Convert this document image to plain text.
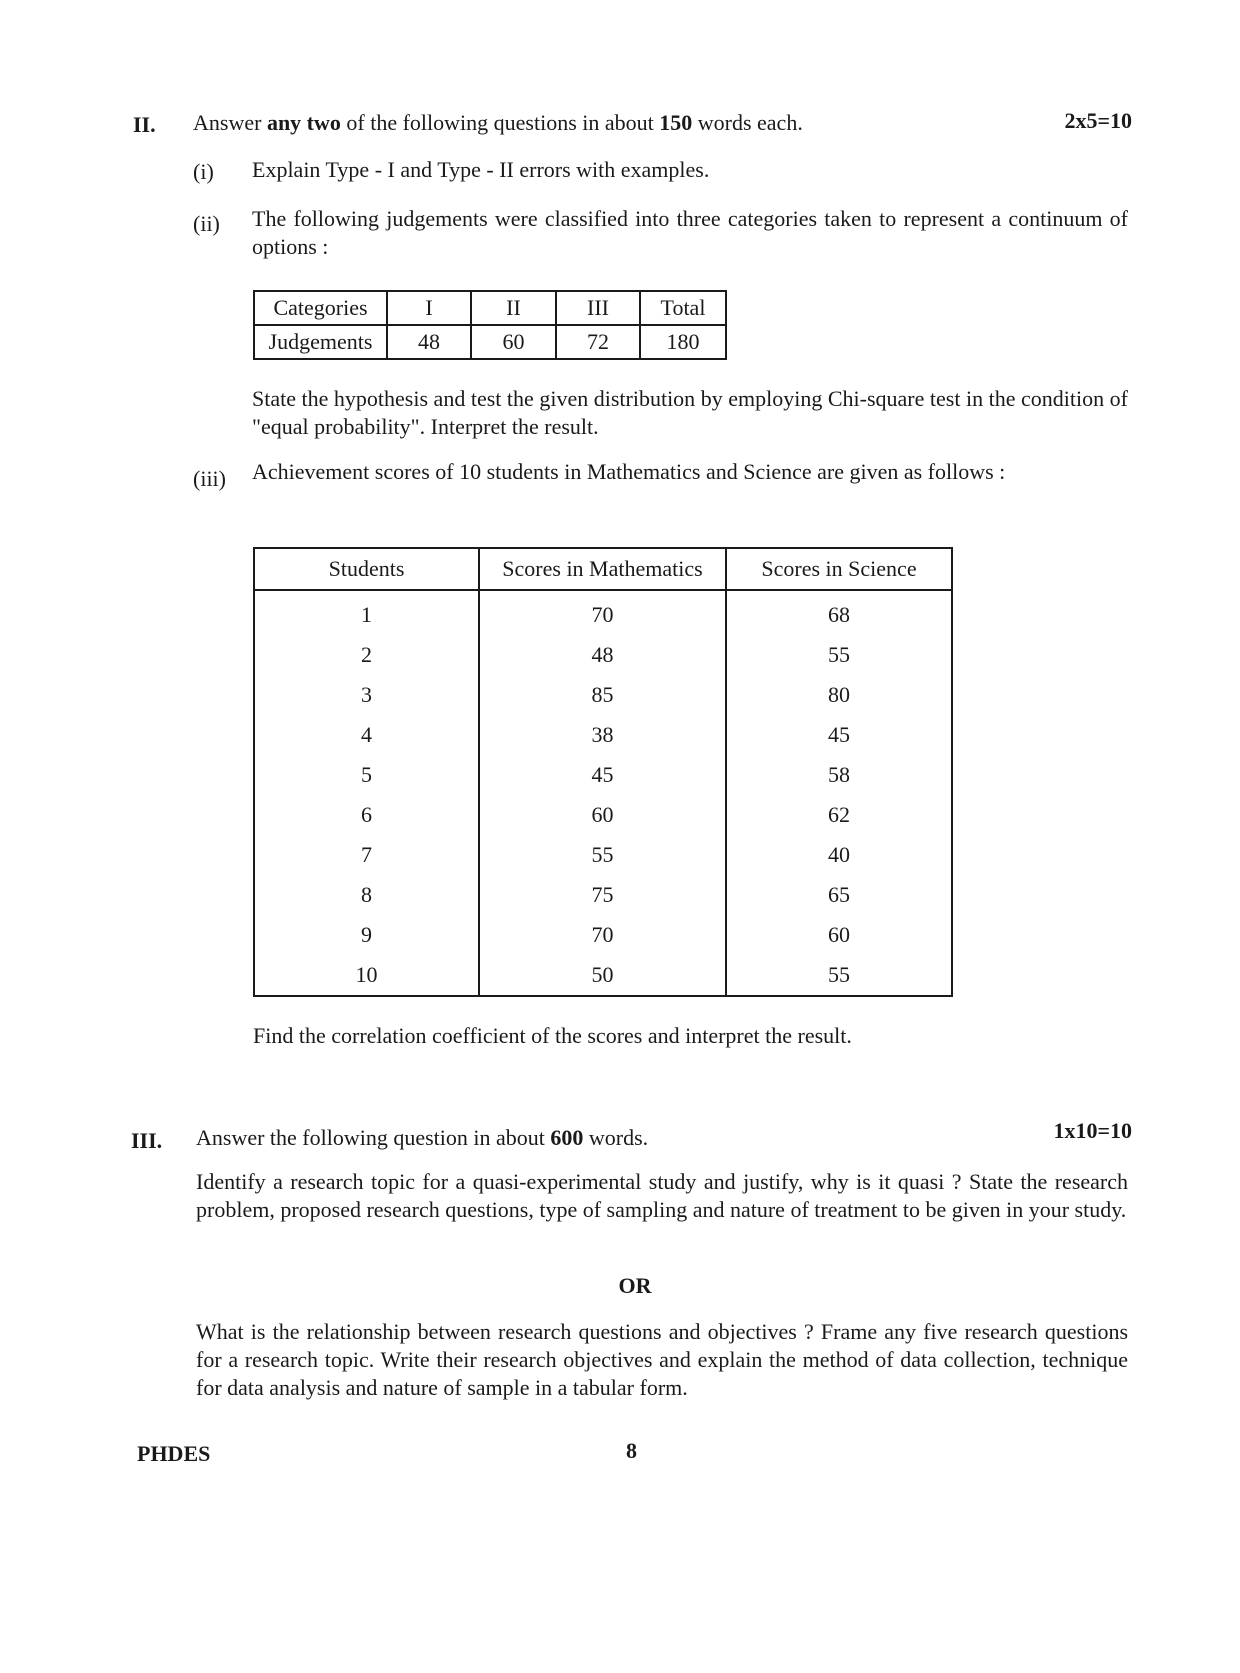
II. Answer any two of the following questions in about 150 words each.	2x5=10
(i) Explain Type - I and Type - II errors with examples.
(ii) The following judgements were classified into three categories taken to represent a continuum of options :
Categories	I	II	III	Total
Judgements	48	60	72	180
State the hypothesis and test the given distribution by employing Chi-square test in the condition of "equal probability". Interpret the result.
(iii) Achievement scores of 10 students in Mathematics and Science are given as follows :
Students	Scores in Mathematics	Scores in Science
1	70	68
2	48	55
3	85	80
4	38	45
5	45	58
6	60	62
7	55	40
8	75	65
9	70	60
10	50	55
Find the correlation coefficient of the scores and interpret the result.
III. Answer the following question in about 600 words.	1x10=10
Identify a research topic for a quasi-experimental study and justify, why is it quasi ? State the research problem, proposed research questions, type of sampling and nature of treatment to be given in your study.
OR
What is the relationship between research questions and objectives ? Frame any five research questions for a research topic. Write their research objectives and explain the method of data collection, technique for data analysis and nature of sample in a tabular form.
PHDES	8
